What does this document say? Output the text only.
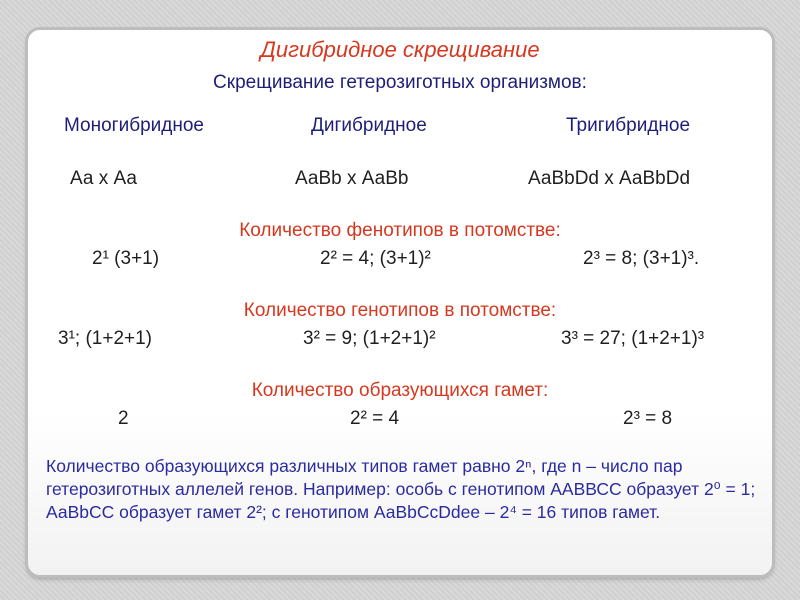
Дигибридное скрещивание
Скрещивание гетерозиготных организмов:
Моногибридное	Дигибридное	Тригибридное
Аа х Аа	АаВb х АаВb	АаВbDd х АаВbDd
Количество фенотипов в потомстве:
2¹ (3+1)	2² = 4; (3+1)²	2³ = 8; (3+1)³.
Количество генотипов в потомстве:
3¹; (1+2+1)	3² = 9; (1+2+1)²	3³ = 27; (1+2+1)³
Количество образующихся гамет:
2	2² = 4	2³ = 8
Количество образующихся различных типов гамет равно 2ⁿ, где n – число пар гетерозиготных аллелей генов. Например: особь с генотипом ААВВСС образует 2⁰ = 1; АаВbСС образует гамет 2²; с генотипом АаBbCcDdee – 2⁴ = 16 типов гамет.
